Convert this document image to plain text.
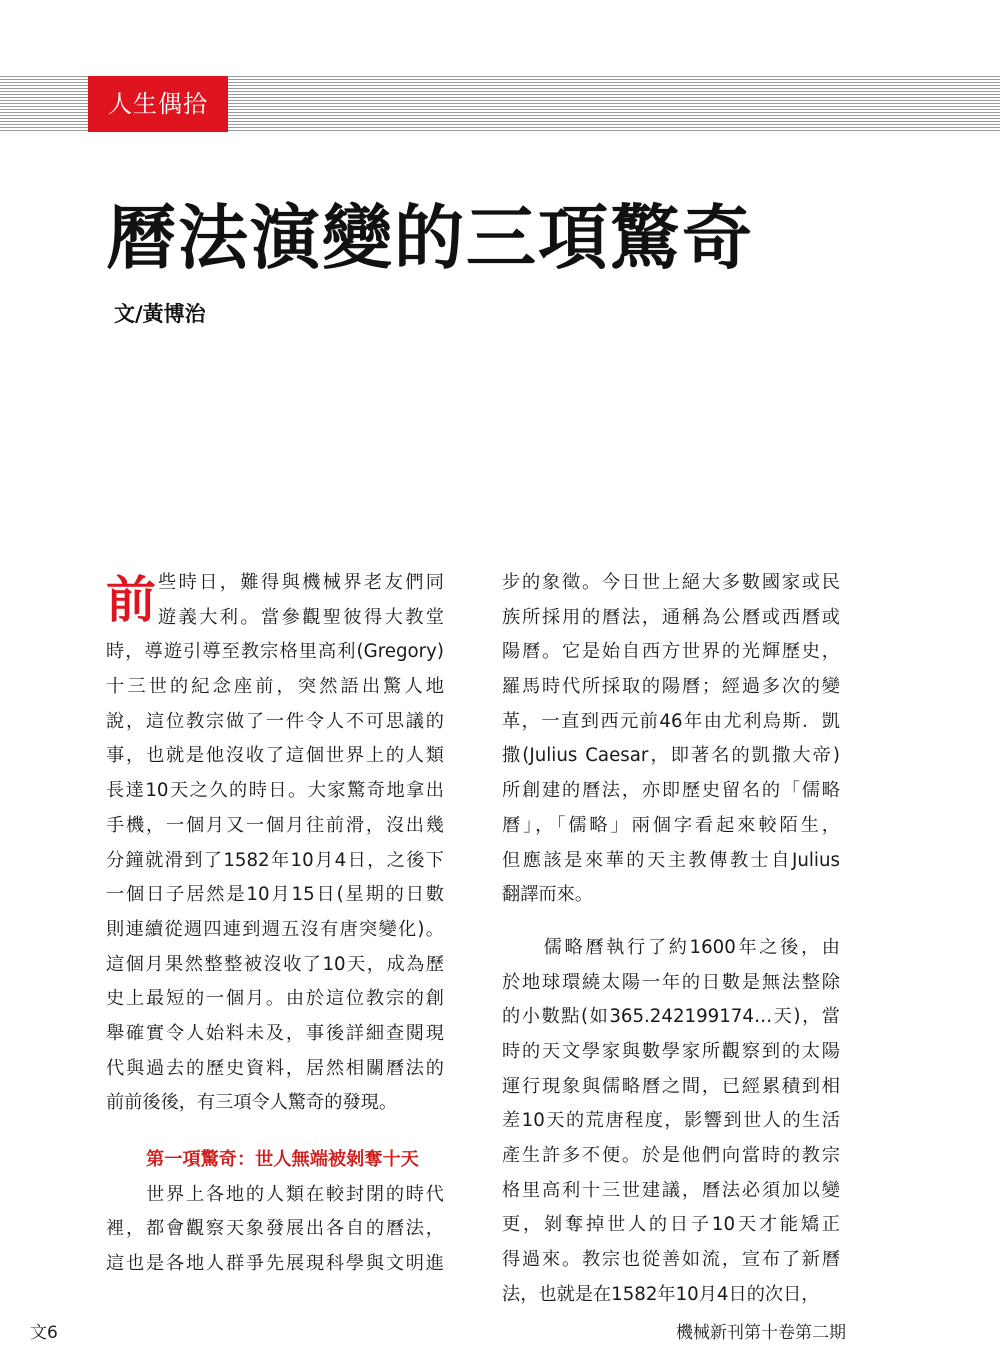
人生偶拾
曆法演變的三項驚奇
文/黃博治
前 些時日，難得與機械界老友們同
遊義大利。當參觀聖彼得大教堂
時，導遊引導至教宗格里高利(Gregory)
十三世的紀念座前，突然語出驚人地
說，這位教宗做了一件令人不可思議的
事，也就是他沒收了這個世界上的人類
長達10天之久的時日。大家驚奇地拿出
手機，一個月又一個月往前滑，沒出幾
分鐘就滑到了1582年10月4日，之後下
一個日子居然是10月15日(星期的日數
則連續從週四連到週五沒有唐突變化)。
這個月果然整整被沒收了10天，成為歷
史上最短的一個月。由於這位教宗的創
舉確實令人始料未及，事後詳細查閱現
代與過去的歷史資料，居然相關曆法的
前前後後，有三項令人驚奇的發現。
第一項驚奇：世人無端被剝奪十天
　　世界上各地的人類在較封閉的時代
裡，都會觀察天象發展出各自的曆法，
這也是各地人群爭先展現科學與文明進
步的象徵。今日世上絕大多數國家或民
族所採用的曆法，通稱為公曆或西曆或
陽曆。它是始自西方世界的光輝歷史，
羅馬時代所採取的陽曆；經過多次的變
革，一直到西元前46年由尤利烏斯．凱
撒(Julius Caesar，即著名的凱撒大帝)
所創建的曆法，亦即歷史留名的「儒略
曆」，「儒略」兩個字看起來較陌生，
但應該是來華的天主教傳教士自Julius
翻譯而來。
　　儒略曆執行了約1600年之後，由
於地球環繞太陽一年的日數是無法整除
的小數點(如365.242199174…天)，當
時的天文學家與數學家所觀察到的太陽
運行現象與儒略曆之間，已經累積到相
差10天的荒唐程度，影響到世人的生活
產生許多不便。於是他們向當時的教宗
格里高利十三世建議，曆法必須加以變
更，剝奪掉世人的日子10天才能矯正
得過來。教宗也從善如流，宣布了新曆
法，也就是在1582年10月4日的次日，
文6	機械新刊第十卷第二期
